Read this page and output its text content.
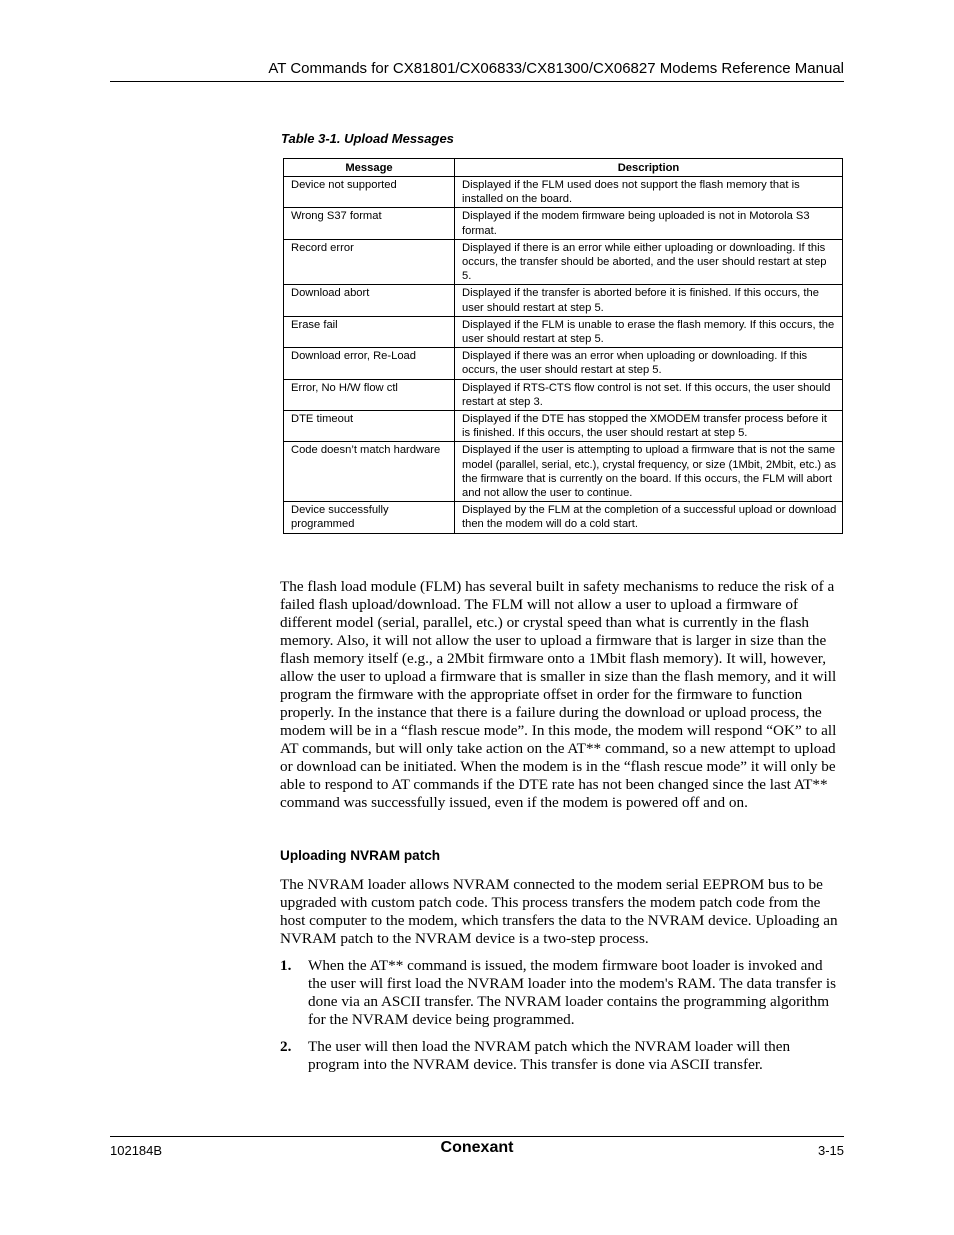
AT Commands for CX81801/CX06833/CX81300/CX06827 Modems Reference Manual
Table 3-1. Upload Messages
Message	Description
Device not supported	Displayed if the FLM used does not support the flash memory that is installed on the board.
Wrong S37 format	Displayed if the modem firmware being uploaded is not in Motorola S3 format.
Record error	Displayed if there is an error while either uploading or downloading. If this occurs, the transfer should be aborted, and the user should restart at step 5.
Download abort	Displayed if the transfer is aborted before it is finished. If this occurs, the user should restart at step 5.
Erase fail	Displayed if the FLM is unable to erase the flash memory. If this occurs, the user should restart at step 5.
Download error, Re-Load	Displayed if there was an error when uploading or downloading. If this occurs, the user should restart at step 5.
Error, No H/W flow ctl	Displayed if RTS-CTS flow control is not set. If this occurs, the user should restart at step 3.
DTE timeout	Displayed if the DTE has stopped the XMODEM transfer process before it is finished. If this occurs, the user should restart at step 5.
Code doesn’t match hardware	Displayed if the user is attempting to upload a firmware that is not the same model (parallel, serial, etc.), crystal frequency, or size (1Mbit, 2Mbit, etc.) as the firmware that is currently on the board. If this occurs, the FLM will abort and not allow the user to continue.
Device successfully programmed	Displayed by the FLM at the completion of a successful upload or download then the modem will do a cold start.
The flash load module (FLM) has several built in safety mechanisms to reduce the risk of a failed flash upload/download. The FLM will not allow a user to upload a firmware of different model (serial, parallel, etc.) or crystal speed than what is currently in the flash memory. Also, it will not allow the user to upload a firmware that is larger in size than the flash memory itself (e.g., a 2Mbit firmware onto a 1Mbit flash memory). It will, however, allow the user to upload a firmware that is smaller in size than the flash memory, and it will program the firmware with the appropriate offset in order for the firmware to function properly. In the instance that there is a failure during the download or upload process, the modem will be in a “flash rescue mode”. In this mode, the modem will respond “OK” to all AT commands, but will only take action on the AT** command, so a new attempt to upload or download can be initiated. When the modem is in the “flash rescue mode” it will only be able to respond to AT commands if the DTE rate has not been changed since the last AT** command was successfully issued, even if the modem is powered off and on.
Uploading NVRAM patch
The NVRAM loader allows NVRAM connected to the modem serial EEPROM bus to be upgraded with custom patch code. This process transfers the modem patch code from the host computer to the modem, which transfers the data to the NVRAM device. Uploading an NVRAM patch to the NVRAM device is a two-step process.
1. When the AT** command is issued, the modem firmware boot loader is invoked and the user will first load the NVRAM loader into the modem's RAM. The data transfer is done via an ASCII transfer. The NVRAM loader contains the programming algorithm for the NVRAM device being programmed.
2. The user will then load the NVRAM patch which the NVRAM loader will then program into the NVRAM device. This transfer is done via ASCII transfer.
102184B	Conexant	3-15
